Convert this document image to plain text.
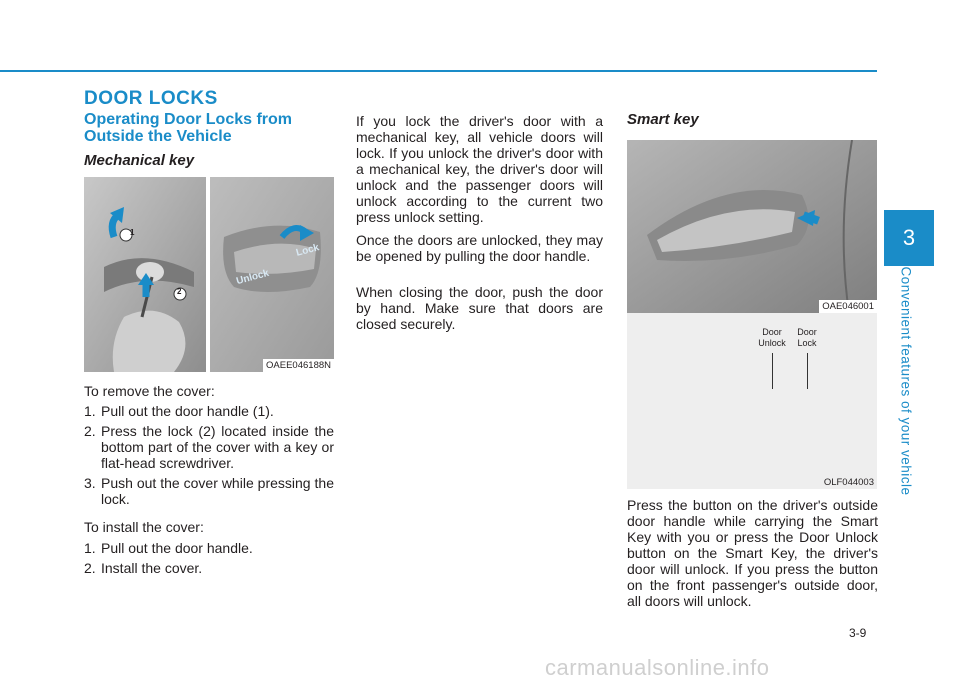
3
Convenient features of your vehicle
DOOR LOCKS
Operating Door Locks from Outside the Vehicle
Mechanical key
1
2
Unlock
Lock
OAEE046188N
To remove the cover:
1. Pull out the door handle (1).
2. Press the lock (2) located inside the bottom part of the cover with a key or flat-head screwdriver.
3. Push out the cover while pressing the lock.
To install the cover:
1. Pull out the door handle.
2. Install the cover.
If you lock the driver's door with a mechanical key, all vehicle doors will lock. If you unlock the driver's door with a mechanical key, the driver's door will unlock and the passenger doors will unlock according to the current two press unlock setting.
Once the doors are unlocked, they may be opened by pulling the door handle.
When closing the door, push the door by hand. Make sure that doors are closed securely.
Smart key
OAE046001
Door Unlock
Door Lock
OLF044003
Press the button on the driver's outside door handle while carrying the Smart Key with you or press the Door Unlock button on the Smart Key, the driver's door will unlock. If you press the button on the front passenger's outside door, all doors will unlock.
3-9
carmanualsonline.info
